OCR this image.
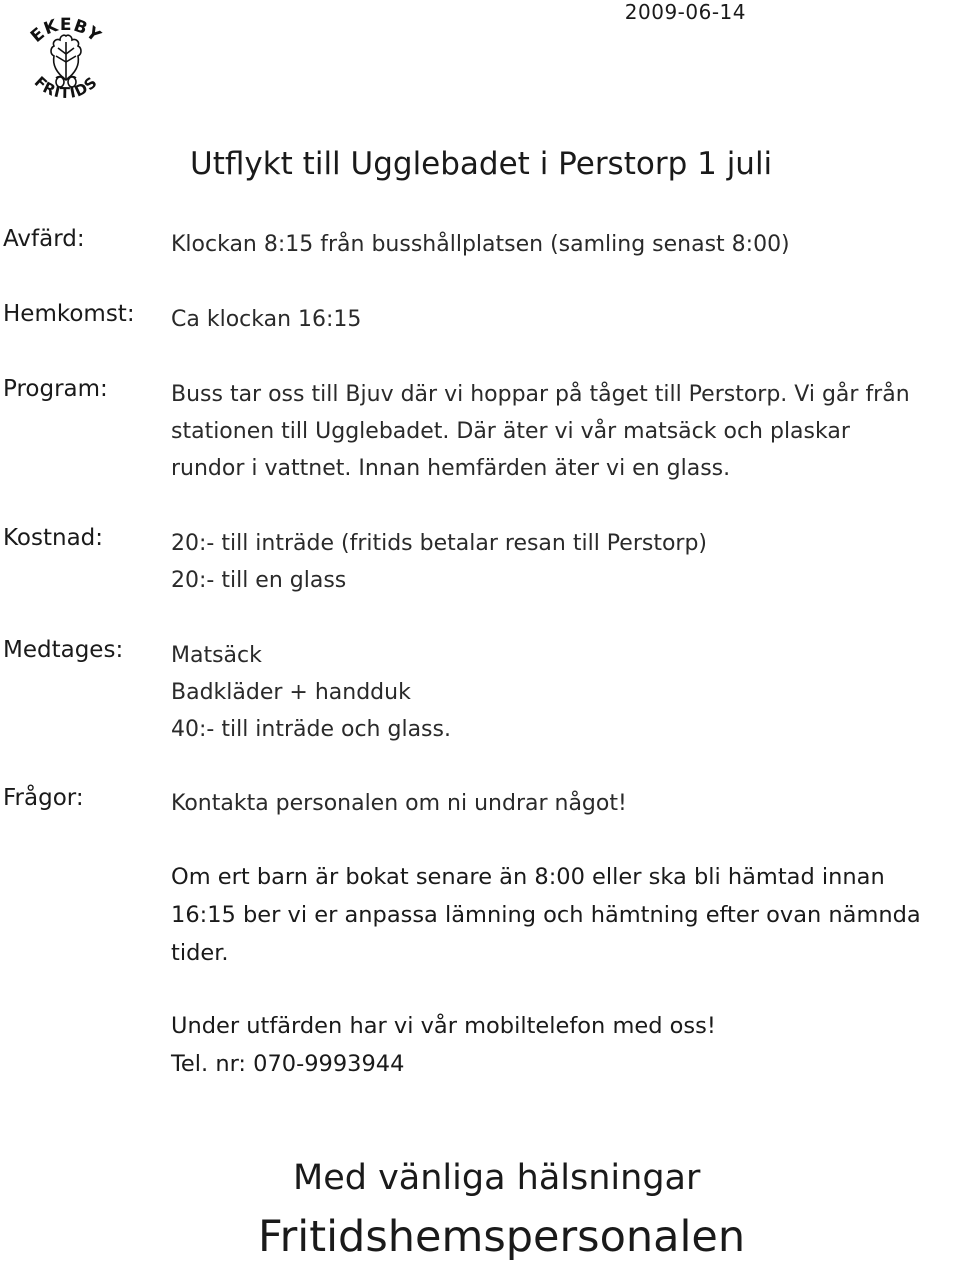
2009-06-14
EKEBY
FRITIDS
Utflykt till Ugglebadet i Perstorp 1 juli
Avfärd:	Klockan 8:15 från busshållplatsen (samling senast 8:00)
Hemkomst: Ca klockan 16:15
Program:	Buss tar oss till Bjuv där vi hoppar på tåget till Perstorp. Vi går från
stationen till Ugglebadet. Där äter vi vår matsäck och plaskar
rundor i vattnet. Innan hemfärden äter vi en glass.
Kostnad:	20:- till inträde (fritids betalar resan till Perstorp)
20:- till en glass
Medtages: Matsäck
Badkläder + handduk
40:- till inträde och glass.
Frågor:	Kontakta personalen om ni undrar något!
Om ert barn är bokat senare än 8:00 eller ska bli hämtad innan
16:15 ber vi er anpassa lämning och hämtning efter ovan nämnda
tider.
Under utfärden har vi vår mobiltelefon med oss!
Tel. nr: 070-9993944
Med vänliga hälsningar
Fritidshemspersonalen
